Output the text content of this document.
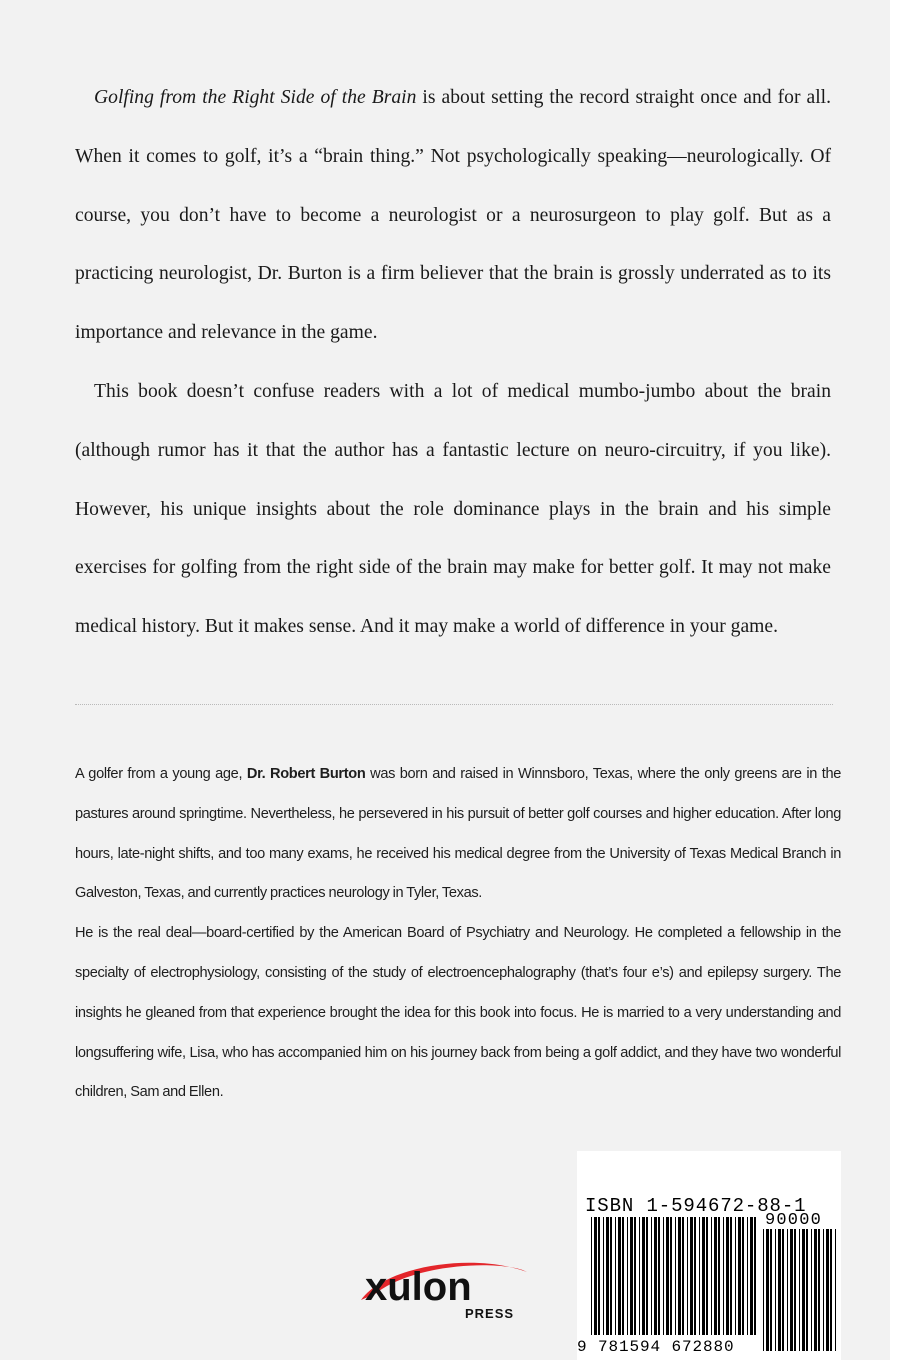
Golfing from the Right Side of the Brain is about setting the record straight once and for all. When it comes to golf, it’s a “brain thing.” Not psychologically speaking—neurologically. Of course, you don’t have to become a neurologist or a neurosurgeon to play golf. But as a practicing neurologist, Dr. Burton is a firm believer that the brain is grossly underrated as to its importance and relevance in the game.

This book doesn’t confuse readers with a lot of medical mumbo-jumbo about the brain (although rumor has it that the author has a fantastic lecture on neuro-circuitry, if you like). However, his unique insights about the role dominance plays in the brain and his simple exercises for golfing from the right side of the brain may make for better golf. It may not make medical history. But it makes sense. And it may make a world of difference in your game.

A golfer from a young age, Dr. Robert Burton was born and raised in Winnsboro, Texas, where the only greens are in the pastures around springtime. Nevertheless, he persevered in his pursuit of better golf courses and higher education. After long hours, late-night shifts, and too many exams, he received his medical degree from the University of Texas Medical Branch in Galveston, Texas, and currently practices neurology in Tyler, Texas.

He is the real deal—board-certified by the American Board of Psychiatry and Neurology. He completed a fellowship in the specialty of electrophysiology, consisting of the study of electroencephalography (that’s four e’s) and epilepsy surgery. The insights he gleaned from that experience brought the idea for this book into focus. He is married to a very understanding and longsuffering wife, Lisa, who has accompanied him on his journey back from being a golf addict, and they have two wonderful children, Sam and Ellen.

xulon
PRESS
ISBN 1-594672-88-1
90000
9 781594 672880
